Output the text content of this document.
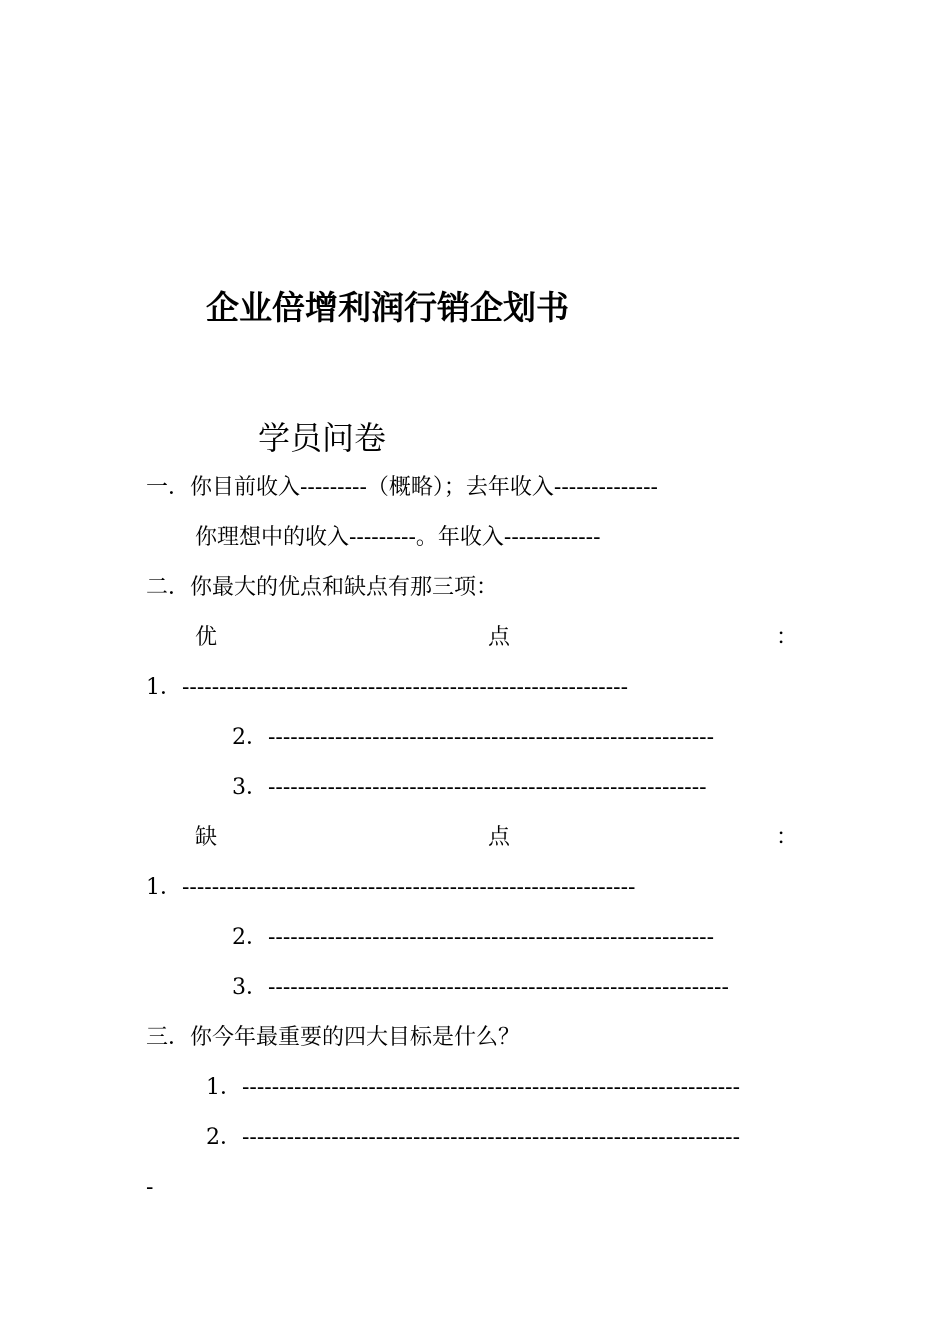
企业倍增利润行销企划书
学员问卷
一．你目前收入---------（概略）；去年收入--------------
你理想中的收入---------。年收入-------------
二．你最大的优点和缺点有那三项：
优	点	：
1．------------------------------------------------------------
2．------------------------------------------------------------
3．-----------------------------------------------------------
缺	点	：
1．-------------------------------------------------------------
2．------------------------------------------------------------
3．--------------------------------------------------------------
三．你今年最重要的四大目标是什么？
1．-------------------------------------------------------------------
2．-------------------------------------------------------------------
-
